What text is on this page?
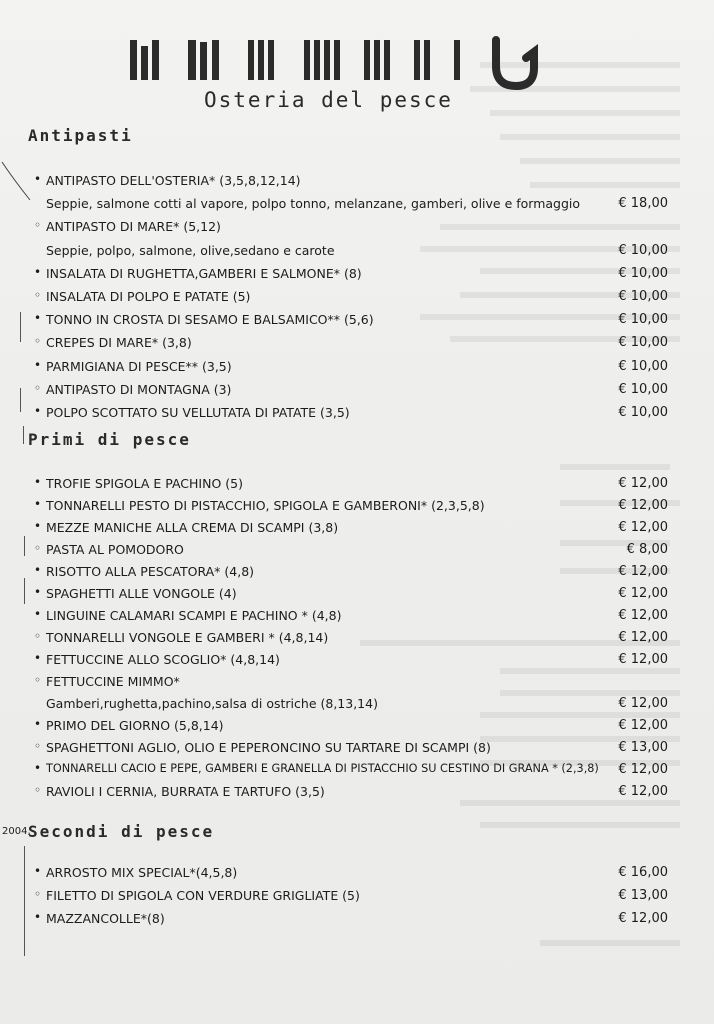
Osteria del pesce
2004,
Antipasti
• ANTIPASTO DELL'OSTERIA* (3,5,8,12,14)
Seppie, salmone cotti al vapore, polpo tonno, melanzane, gamberi, olive e formaggio	€ 18,00
◦ ANTIPASTO DI MARE* (5,12)
Seppie, polpo, salmone, olive,sedano e carote	€ 10,00
• INSALATA DI RUGHETTA,GAMBERI E SALMONE* (8)	€ 10,00
◦ INSALATA DI POLPO E PATATE (5)	€ 10,00
• TONNO IN CROSTA DI SESAMO E BALSAMICO** (5,6)	€ 10,00
◦ CREPES DI MARE* (3,8)	€ 10,00
• PARMIGIANA DI PESCE** (3,5)	€ 10,00
◦ ANTIPASTO DI MONTAGNA (3)	€ 10,00
• POLPO SCOTTATO SU VELLUTATA DI PATATE (3,5)	€ 10,00
Primi di pesce
• TROFIE SPIGOLA E PACHINO (5)	€ 12,00
• TONNARELLI PESTO DI PISTACCHIO, SPIGOLA E GAMBERONI* (2,3,5,8)	€ 12,00
• MEZZE MANICHE ALLA CREMA DI SCAMPI (3,8)	€ 12,00
◦ PASTA AL POMODORO	€ 8,00
• RISOTTO ALLA PESCATORA* (4,8)	€ 12,00
• SPAGHETTI ALLE VONGOLE (4)	€ 12,00
• LINGUINE CALAMARI SCAMPI E PACHINO * (4,8)	€ 12,00
◦ TONNARELLI VONGOLE E GAMBERI * (4,8,14)	€ 12,00
• FETTUCCINE ALLO SCOGLIO* (4,8,14)	€ 12,00
◦ FETTUCCINE MIMMO*
Gamberi,rughetta,pachino,salsa di ostriche (8,13,14)	€ 12,00
• PRIMO DEL GIORNO (5,8,14)	€ 12,00
◦ SPAGHETTONI AGLIO, OLIO E PEPERONCINO SU TARTARE DI SCAMPI (8)	€ 13,00
• TONNARELLI CACIO E PEPE, GAMBERI E GRANELLA DI PISTACCHIO SU CESTINO DI GRANA * (2,3,8) € 12,00
◦ RAVIOLI I CERNIA, BURRATA E TARTUFO (3,5)	€ 12,00
Secondi di pesce
• ARROSTO MIX SPECIAL*(4,5,8)	€ 16,00
◦ FILETTO DI SPIGOLA CON VERDURE GRIGLIATE (5)	€ 13,00
• MAZZANCOLLE*(8)	€ 12,00
